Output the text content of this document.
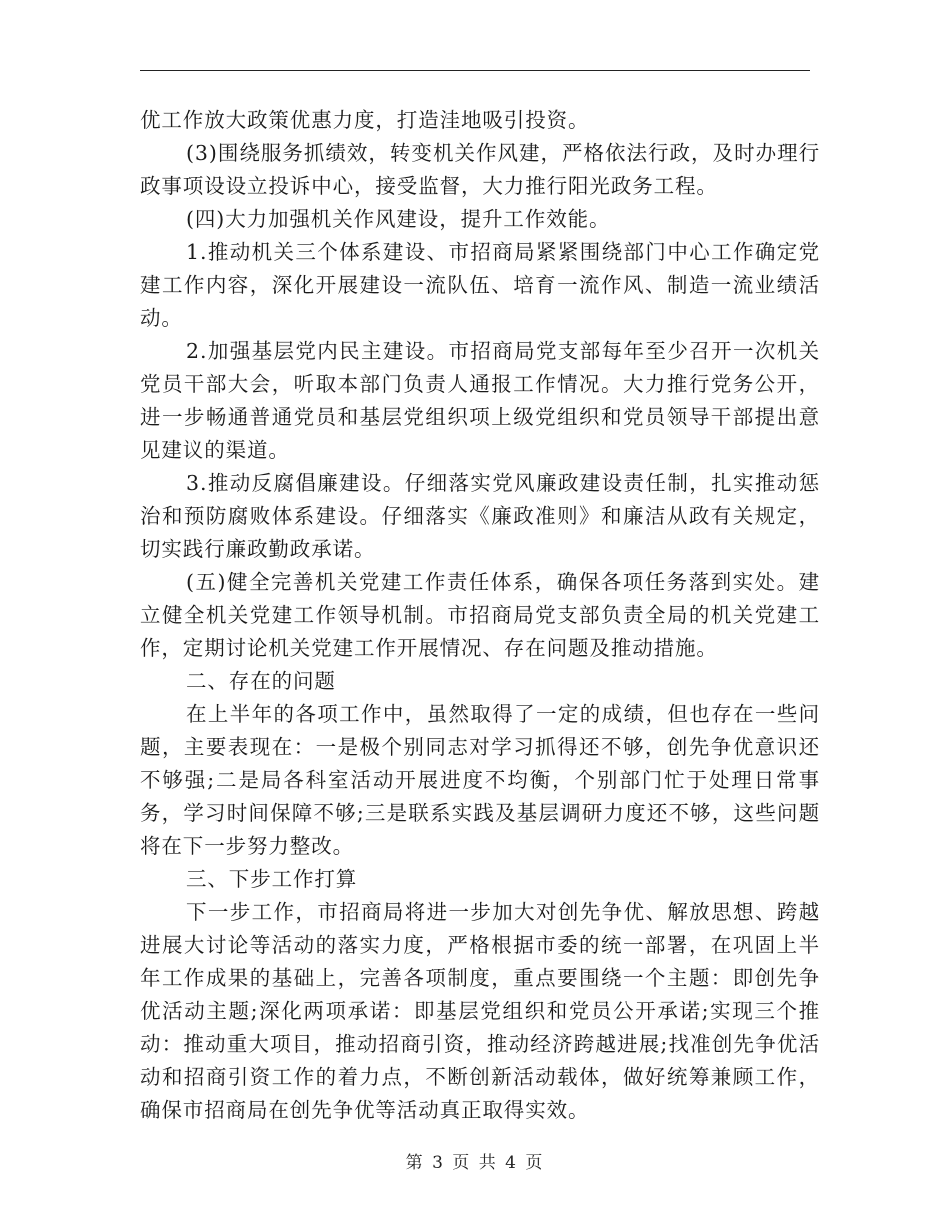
优工作放大政策优惠力度，打造洼地吸引投资。

(3)围绕服务抓绩效，转变机关作风建，严格依法行政，及时办理行政事项设设立投诉中心，接受监督，大力推行阳光政务工程。

(四)大力加强机关作风建设，提升工作效能。

1.推动机关三个体系建设、市招商局紧紧围绕部门中心工作确定党建工作内容，深化开展建设一流队伍、培育一流作风、制造一流业绩活动。

2.加强基层党内民主建设。市招商局党支部每年至少召开一次机关党员干部大会，听取本部门负责人通报工作情况。大力推行党务公开，进一步畅通普通党员和基层党组织项上级党组织和党员领导干部提出意见建议的渠道。

3.推动反腐倡廉建设。仔细落实党风廉政建设责任制，扎实推动惩治和预防腐败体系建设。仔细落实《廉政准则》和廉洁从政有关规定，切实践行廉政勤政承诺。

(五)健全完善机关党建工作责任体系，确保各项任务落到实处。建立健全机关党建工作领导机制。市招商局党支部负责全局的机关党建工作，定期讨论机关党建工作开展情况、存在问题及推动措施。

二、存在的问题

在上半年的各项工作中，虽然取得了一定的成绩，但也存在一些问题，主要表现在：一是极个别同志对学习抓得还不够，创先争优意识还不够强;二是局各科室活动开展进度不均衡，个别部门忙于处理日常事务，学习时间保障不够;三是联系实践及基层调研力度还不够，这些问题将在下一步努力整改。

三、下步工作打算

下一步工作，市招商局将进一步加大对创先争优、解放思想、跨越进展大讨论等活动的落实力度，严格根据市委的统一部署，在巩固上半年工作成果的基础上，完善各项制度，重点要围绕一个主题：即创先争优活动主题;深化两项承诺：即基层党组织和党员公开承诺;实现三个推动：推动重大项目，推动招商引资，推动经济跨越进展;找准创先争优活动和招商引资工作的着力点，不断创新活动载体，做好统筹兼顾工作，确保市招商局在创先争优等活动真正取得实效。

第 3 页 共 4 页
